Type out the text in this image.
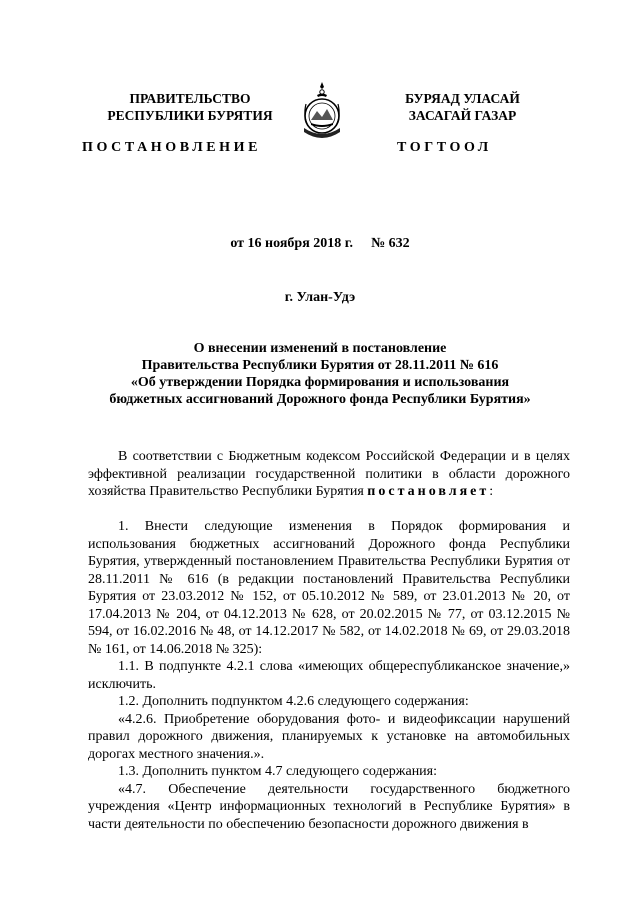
ПРАВИТЕЛЬСТВО
РЕСПУБЛИКИ БУРЯТИЯ
БУРЯАД УЛАСАЙ
ЗАСАГАЙ ГАЗАР
ПОСТАНОВЛЕНИЕ	ТОГТООЛ
от 16 ноября 2018 г. № 632
г. Улан-Удэ
О внесении изменений в постановление
Правительства Республики Бурятия от 28.11.2011 № 616
«Об утверждении Порядка формирования и использования
бюджетных ассигнований Дорожного фонда Республики Бурятия»

В соответствии с Бюджетным кодексом Российской Федерации и в целях эффективной реализации государственной политики в области дорожного хозяйства Правительство Республики Бурятия постановляет:

1. Внести следующие изменения в Порядок формирования и использования бюджетных ассигнований Дорожного фонда Республики Бурятия, утвержденный постановлением Правительства Республики Бурятия от 28.11.2011 № 616 (в редакции постановлений Правительства Республики Бурятия от 23.03.2012 № 152, от 05.10.2012 № 589, от 23.01.2013 № 20, от 17.04.2013 № 204, от 04.12.2013 № 628, от 20.02.2015 № 77, от 03.12.2015 № 594, от 16.02.2016 № 48, от 14.12.2017 № 582, от 14.02.2018 № 69, от 29.03.2018 № 161, от 14.06.2018 № 325):

1.1. В подпункте 4.2.1 слова «имеющих общереспубликанское значение,» исключить.

1.2. Дополнить подпунктом 4.2.6 следующего содержания:

«4.2.6. Приобретение оборудования фото- и видеофиксации нарушений правил дорожного движения, планируемых к установке на автомобильных дорогах местного значения.».

1.3. Дополнить пунктом 4.7 следующего содержания:

«4.7. Обеспечение деятельности государственного бюджетного учреждения «Центр информационных технологий в Республике Бурятия» в части деятельности по обеспечению безопасности дорожного движения в
